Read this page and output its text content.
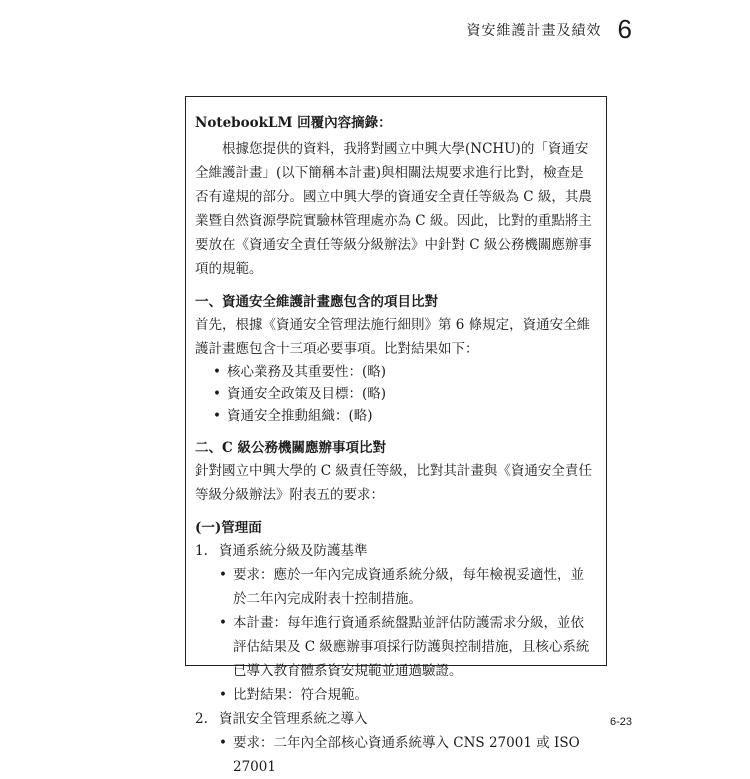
資安維護計畫及績效 6
NotebookLM 回覆內容摘錄：

根據您提供的資料，我將對國立中興大學(NCHU)的「資通安全維護計畫」(以下簡稱本計畫)與相關法規要求進行比對，檢查是否有違規的部分。國立中興大學的資通安全責任等級為 C 級，其農業暨自然資源學院實驗林管理處亦為 C 級。因此，比對的重點將主要放在《資通安全責任等級分級辦法》中針對 C 級公務機關應辦事項的規範。

一、資通安全維護計畫應包含的項目比對

首先，根據《資通安全管理法施行細則》第 6 條規定，資通安全維護計畫應包含十三項必要事項。比對結果如下：

• 核心業務及其重要性：(略)
• 資通安全政策及目標：(略)
• 資通安全推動組織：(略)
二、C 級公務機關應辦事項比對

針對國立中興大學的 C 級責任等級，比對其計畫與《資通安全責任等級分級辦法》附表五的要求：

(一)管理面
1. 資通系統分級及防護基準
• 要求：應於一年內完成資通系統分級，每年檢視妥適性，並於二年內完成附表十控制措施。
• 本計畫：每年進行資通系統盤點並評估防護需求分級，並依評估結果及 C 級應辦事項採行防護與控制措施，且核心系統已導入教育體系資安規範並通過驗證。
• 比對結果：符合規範。
2. 資訊安全管理系統之導入
• 要求：二年內全部核心資通系統導入 CNS 27001 或 ISO 27001
6-23
